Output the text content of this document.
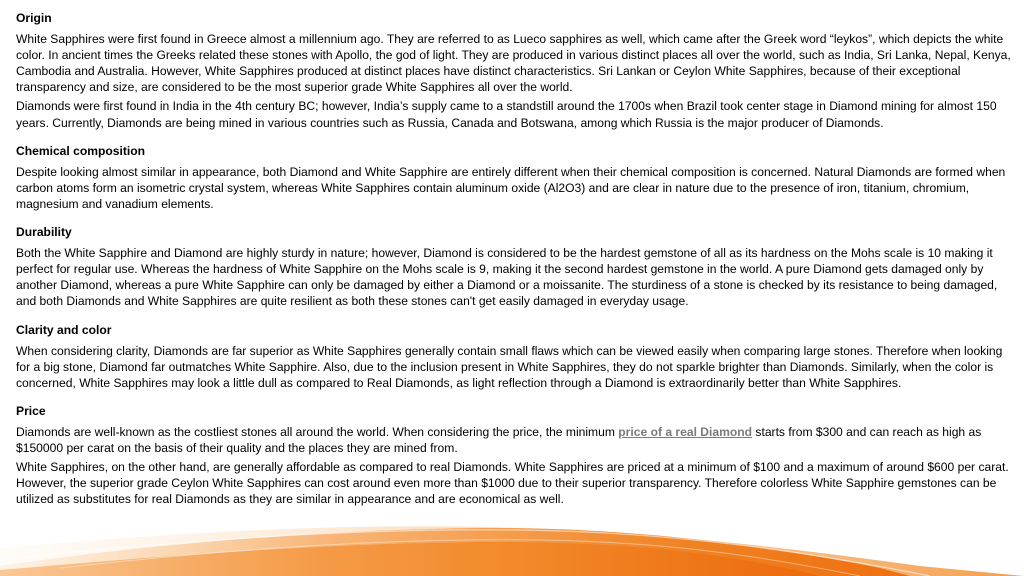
Origin
White Sapphires were first found in Greece almost a millennium ago. They are referred to as Lueco sapphires as well, which came after the Greek word “leykos”, which depicts the white color. In ancient times the Greeks related these stones with Apollo, the god of light. They are produced in various distinct places all over the world, such as India, Sri Lanka, Nepal, Kenya, Cambodia and Australia. However, White Sapphires produced at distinct places have distinct characteristics. Sri Lankan or Ceylon White Sapphires, because of their exceptional transparency and size, are considered to be the most superior grade White Sapphires all over the world.
Diamonds were first found in India in the 4th century BC; however, India’s supply came to a standstill around the 1700s when Brazil took center stage in Diamond mining for almost 150 years. Currently, Diamonds are being mined in various countries such as Russia, Canada and Botswana, among which Russia is the major producer of Diamonds.
Chemical composition
Despite looking almost similar in appearance, both Diamond and White Sapphire are entirely different when their chemical composition is concerned. Natural Diamonds are formed when carbon atoms form an isometric crystal system, whereas White Sapphires contain aluminum oxide (Al2O3) and are clear in nature due to the presence of iron, titanium, chromium, magnesium and vanadium elements.
Durability
Both the White Sapphire and Diamond are highly sturdy in nature; however, Diamond is considered to be the hardest gemstone of all as its hardness on the Mohs scale is 10 making it perfect for regular use. Whereas the hardness of White Sapphire on the Mohs scale is 9, making it the second hardest gemstone in the world. A pure Diamond gets damaged only by another Diamond, whereas a pure White Sapphire can only be damaged by either a Diamond or a moissanite. The sturdiness of a stone is checked by its resistance to being damaged, and both Diamonds and White Sapphires are quite resilient as both these stones can't get easily damaged in everyday usage.
Clarity and color
When considering clarity, Diamonds are far superior as White Sapphires generally contain small flaws which can be viewed easily when comparing large stones. Therefore when looking for a big stone, Diamond far outmatches White Sapphire. Also, due to the inclusion present in White Sapphires, they do not sparkle brighter than Diamonds. Similarly, when the color is concerned, White Sapphires may look a little dull as compared to Real Diamonds, as light reflection through a Diamond is extraordinarily better than White Sapphires.
Price
Diamonds are well-known as the costliest stones all around the world. When considering the price, the minimum price of a real Diamond starts from $300 and can reach as high as $150000 per carat on the basis of their quality and the places they are mined from.
White Sapphires, on the other hand, are generally affordable as compared to real Diamonds. White Sapphires are priced at a minimum of $100 and a maximum of around $600 per carat. However, the superior grade Ceylon White Sapphires can cost around even more than $1000 due to their superior transparency. Therefore colorless White Sapphire gemstones can be utilized as substitutes for real Diamonds as they are similar in appearance and are economical as well.
